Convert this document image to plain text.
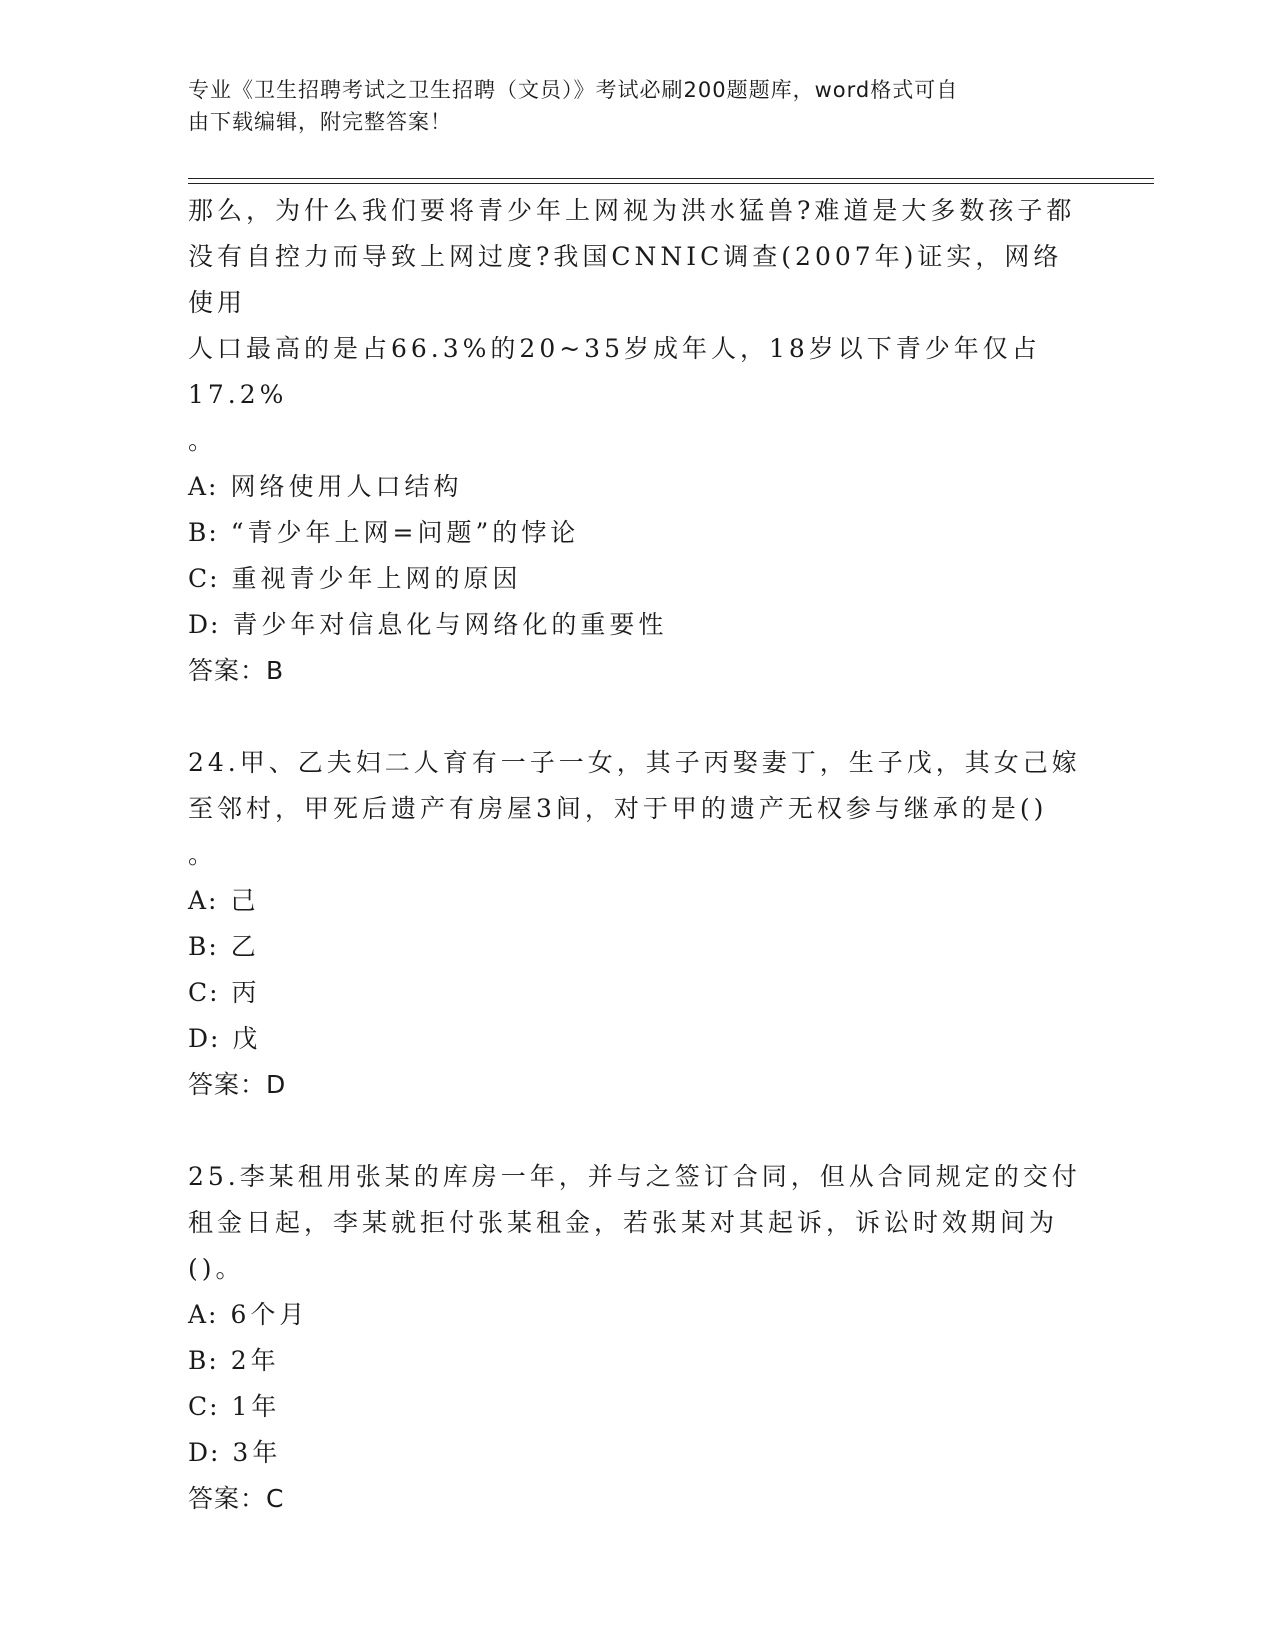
专业《卫生招聘考试之卫生招聘（文员）》考试必刷200题题库，word格式可自
由下载编辑，附完整答案！

那么，为什么我们要将青少年上网视为洪水猛兽?难道是大多数孩子都

没有自控力而导致上网过度?我国CNNIC调查(2007年)证实，网络使用

人口最高的是占66.3%的20~35岁成年人，18岁以下青少年仅占17.2%

。

A: 网络使用人口结构

B: “青少年上网=问题”的悖论

C: 重视青少年上网的原因

D: 青少年对信息化与网络化的重要性

答案：B

24.甲、乙夫妇二人育有一子一女，其子丙娶妻丁，生子戊，其女己嫁

至邻村，甲死后遗产有房屋3间，对于甲的遗产无权参与继承的是()

。

A: 己

B: 乙

C: 丙

D: 戊

答案：D

25.李某租用张某的库房一年，并与之签订合同，但从合同规定的交付

租金日起，李某就拒付张某租金，若张某对其起诉，诉讼时效期间为

()。

A: 6个月

B: 2年

C: 1年

D: 3年

答案：C
